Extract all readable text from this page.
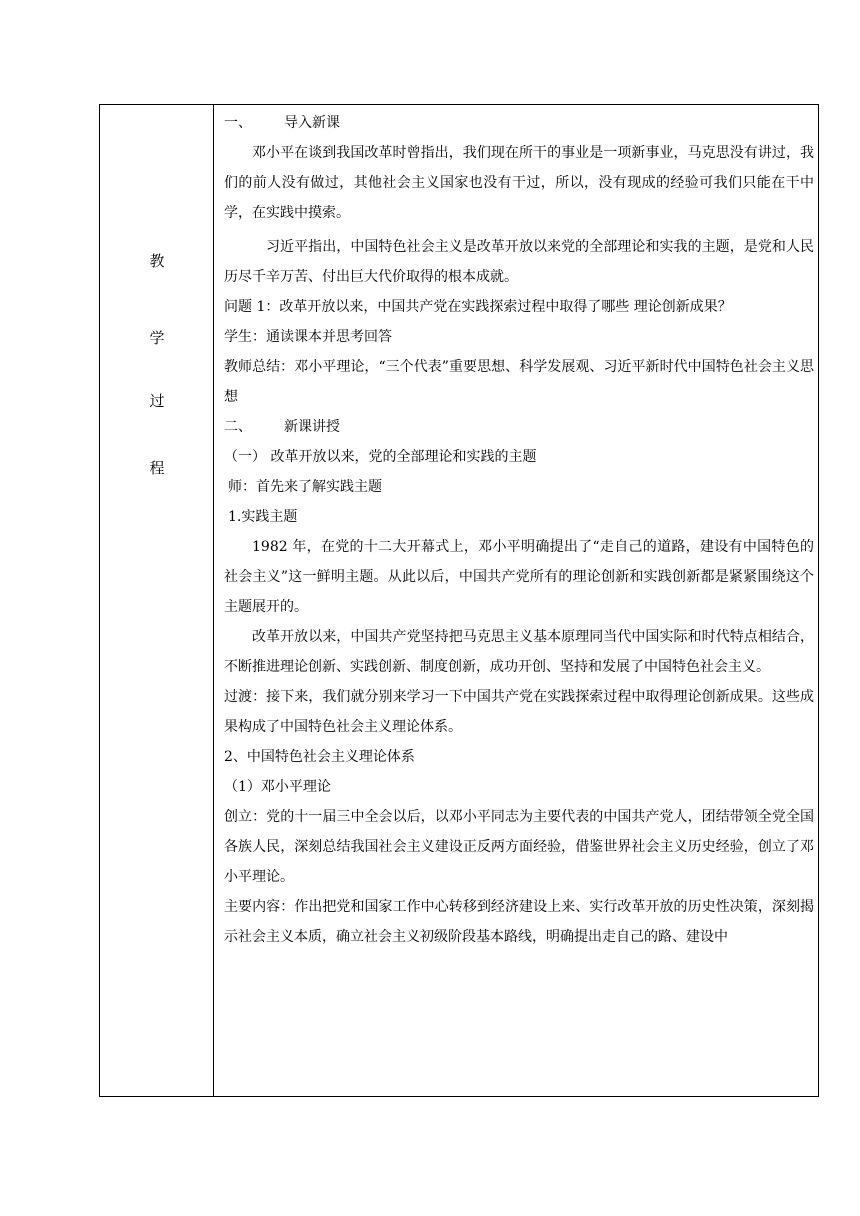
教
学
过
程

一、 导入新课

邓小平在谈到我国改革时曾指出，我们现在所干的事业是一项新事业，马克思没有讲过，我们的前人没有做过，其他社会主义国家也没有干过，所以，没有现成的经验可我们只能在干中学，在实践中摸索。

习近平指出，中国特色社会主义是改革开放以来党的全部理论和实我的主题，是党和人民历尽千辛万苦、付出巨大代价取得的根本成就。

问题 1：改革开放以来，中国共产党在实践探索过程中取得了哪些 理论创新成果？

学生：通读课本并思考回答

教师总结：邓小平理论，“三个代表”重要思想、科学发展观、习近平新时代中国特色社会主义思想

二、 新课讲授

（一） 改革开放以来，党的全部理论和实践的主题

师：首先来了解实践主题

1.实践主题

1982 年，在党的十二大开幕式上，邓小平明确提出了“走自己的道路，建设有中国特色的社会主义”这一鲜明主题。从此以后，中国共产党所有的理论创新和实践创新都是紧紧围绕这个主题展开的。

改革开放以来，中国共产党坚持把马克思主义基本原理同当代中国实际和时代特点相结合，不断推进理论创新、实践创新、制度创新，成功开创、坚持和发展了中国特色社会主义。

过渡：接下来，我们就分别来学习一下中国共产党在实践探索过程中取得理论创新成果。这些成果构成了中国特色社会主义理论体系。

2、中国特色社会主义理论体系

（1）邓小平理论

创立：党的十一届三中全会以后，以邓小平同志为主要代表的中国共产党人，团结带领全党全国各族人民，深刻总结我国社会主义建设正反两方面经验，借鉴世界社会主义历史经验，创立了邓小平理论。

主要内容：作出把党和国家工作中心转移到经济建设上来、实行改革开放的历史性决策，深刻揭示社会主义本质，确立社会主义初级阶段基本路线，明确提出走自己的路、建设中
